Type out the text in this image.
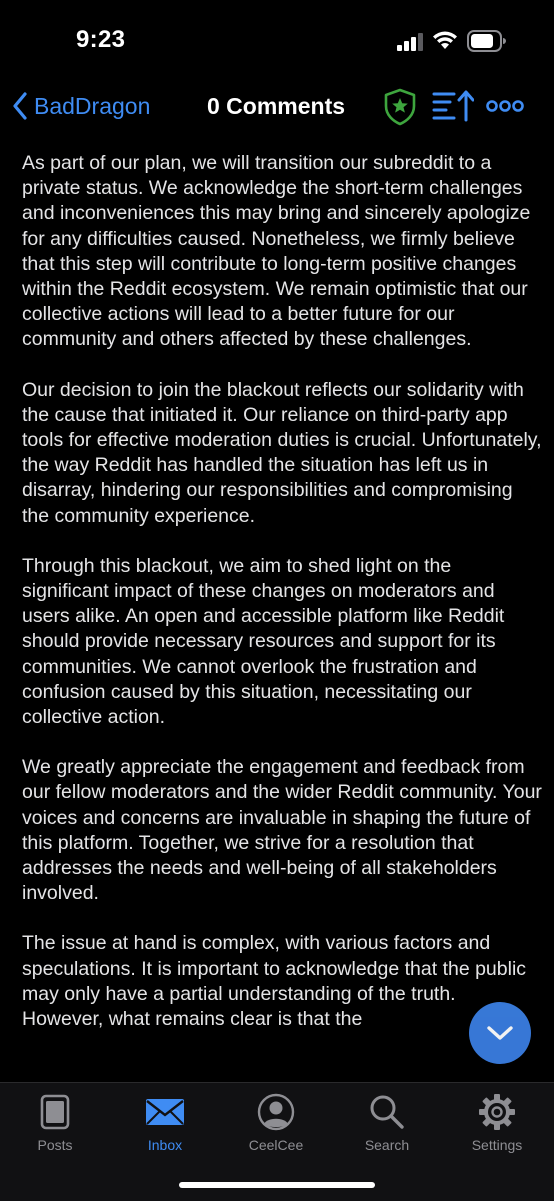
9:23
BadDragon 0 Comments

As part of our plan, we will transition our subreddit to a private status. We acknowledge the short-term challenges and inconveniences this may bring and sincerely apologize for any difficulties caused. Nonetheless, we firmly believe that this step will contribute to long-term positive changes within the Reddit ecosystem. We remain optimistic that our collective actions will lead to a better future for our community and others affected by these challenges.

Our decision to join the blackout reflects our solidarity with the cause that initiated it. Our reliance on third-party app tools for effective moderation duties is crucial. Unfortunately, the way Reddit has handled the situation has left us in disarray, hindering our responsibilities and compromising the community experience.

Through this blackout, we aim to shed light on the significant impact of these changes on moderators and users alike. An open and accessible platform like Reddit should provide necessary resources and support for its communities. We cannot overlook the frustration and confusion caused by this situation, necessitating our collective action.

We greatly appreciate the engagement and feedback from our fellow moderators and the wider Reddit community. Your voices and concerns are invaluable in shaping the future of this platform. Together, we strive for a resolution that addresses the needs and well-being of all stakeholders involved.

The issue at hand is complex, with various factors and speculations. It is important to acknowledge that the public may only have a partial understanding of the truth. However, what remains clear is that the

Posts	Inbox	CeelCee	Search	Settings
